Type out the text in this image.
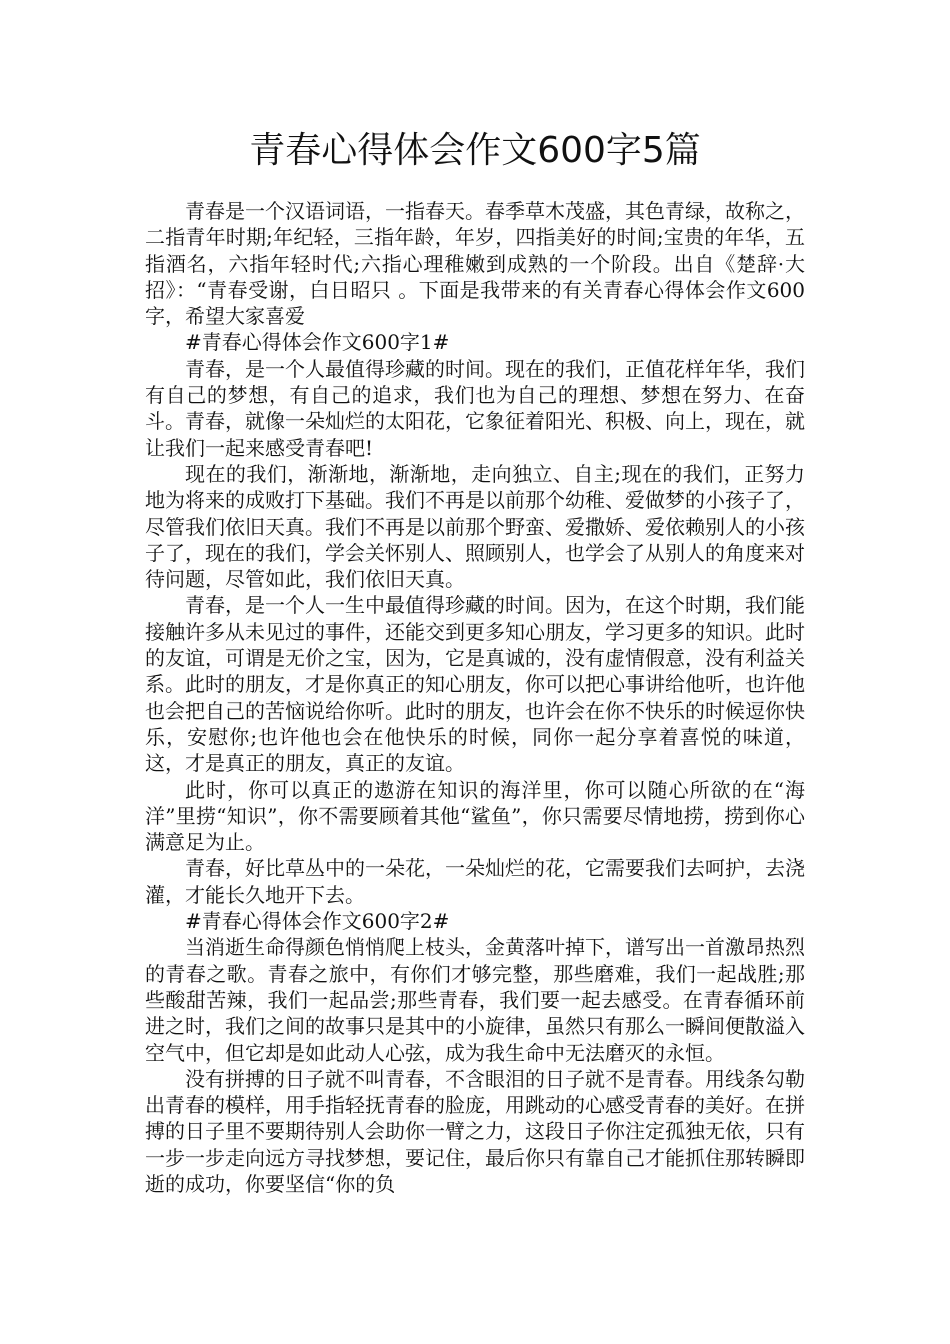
青春心得体会作文600字5篇

青春是一个汉语词语，一指春天。春季草木茂盛，其色青绿，故称之，二指青年时期;年纪轻，三指年龄，年岁，四指美好的时间;宝贵的年华，五指酒名，六指年轻时代;六指心理稚嫩到成熟的一个阶段。出自《楚辞·大招》：“青春受谢，白日昭只 。下面是我带来的有关青春心得体会作文600字，希望大家喜爱

#青春心得体会作文600字1#

青春，是一个人最值得珍藏的时间。现在的我们，正值花样年华，我们有自己的梦想，有自己的追求，我们也为自己的理想、梦想在努力、在奋斗。青春，就像一朵灿烂的太阳花，它象征着阳光、积极、向上，现在，就让我们一起来感受青春吧!

现在的我们，渐渐地，渐渐地，走向独立、自主;现在的我们，正努力地为将来的成败打下基础。我们不再是以前那个幼稚、爱做梦的小孩子了，尽管我们依旧天真。我们不再是以前那个野蛮、爱撒娇、爱依赖别人的小孩子了，现在的我们，学会关怀别人、照顾别人，也学会了从别人的角度来对待问题，尽管如此，我们依旧天真。

青春，是一个人一生中最值得珍藏的时间。因为，在这个时期，我们能接触许多从未见过的事件，还能交到更多知心朋友，学习更多的知识。此时的友谊，可谓是无价之宝，因为，它是真诚的，没有虚情假意，没有利益关系。此时的朋友，才是你真正的知心朋友，你可以把心事讲给他听，也许他也会把自己的苦恼说给你听。此时的朋友，也许会在你不快乐的时候逗你快乐，安慰你;也许他也会在他快乐的时候，同你一起分享着喜悦的味道，这，才是真正的朋友，真正的友谊。

此时，你可以真正的遨游在知识的海洋里，你可以随心所欲的在“海洋”里捞“知识”，你不需要顾着其他“鲨鱼”，你只需要尽情地捞，捞到你心满意足为止。

青春，好比草丛中的一朵花，一朵灿烂的花，它需要我们去呵护，去浇灌，才能长久地开下去。

#青春心得体会作文600字2#

当消逝生命得颜色悄悄爬上枝头，金黄落叶掉下，谱写出一首激昂热烈的青春之歌。青春之旅中，有你们才够完整，那些磨难，我们一起战胜;那些酸甜苦辣，我们一起品尝;那些青春，我们要一起去感受。在青春循环前进之时，我们之间的故事只是其中的小旋律，虽然只有那么一瞬间便散溢入空气中，但它却是如此动人心弦，成为我生命中无法磨灭的永恒。

没有拼搏的日子就不叫青春，不含眼泪的日子就不是青春。用线条勾勒出青春的模样，用手指轻抚青春的脸庞，用跳动的心感受青春的美好。在拼搏的日子里不要期待别人会助你一臂之力，这段日子你注定孤独无依，只有一步一步走向远方寻找梦想，要记住，最后你只有靠自己才能抓住那转瞬即逝的成功，你要坚信“你的负
